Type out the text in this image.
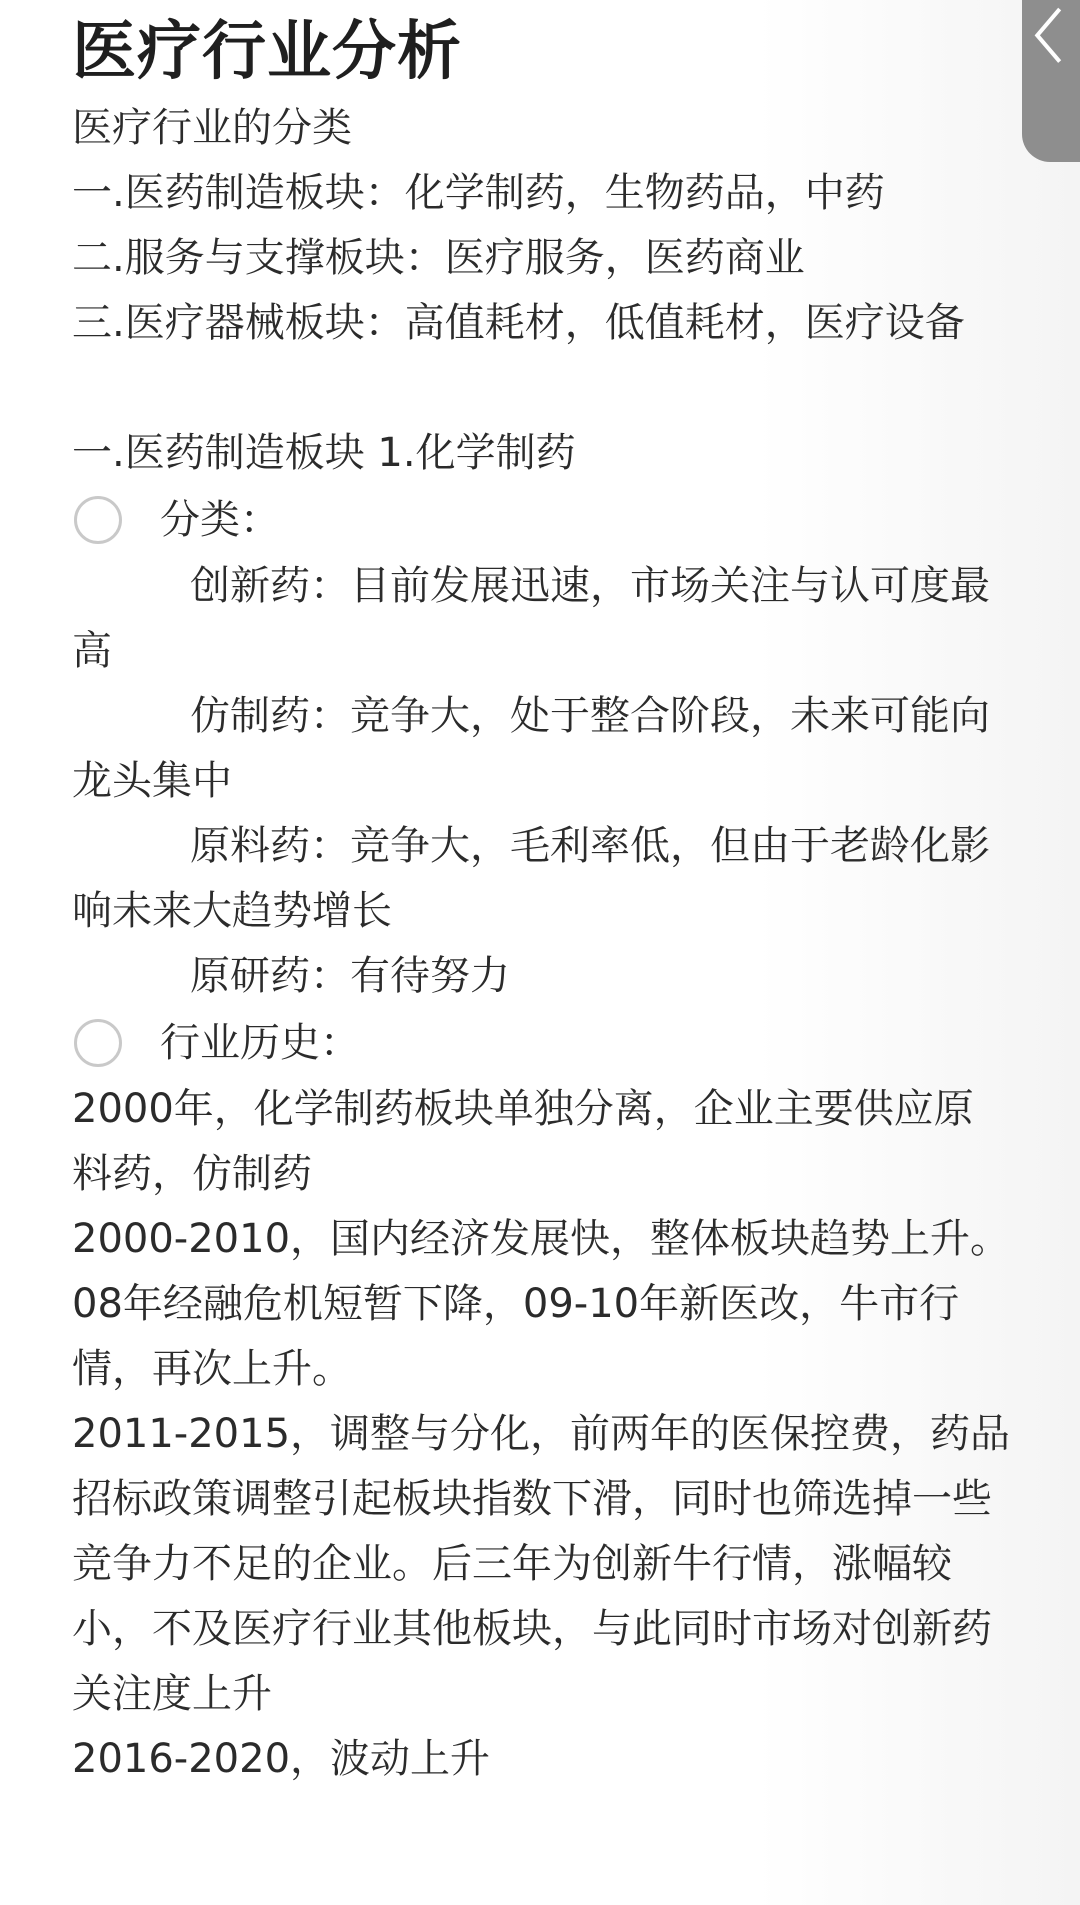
医疗行业分析

医疗行业的分类

一.医药制造板块：化学制药，生物药品，中药

二.服务与支撑板块：医疗服务，医药商业

三.医疗器械板块：高值耗材，低值耗材，医疗设备

一.医药制造板块 1.化学制药

分类：

创新药：目前发展迅速，市场关注与认可度最高

仿制药：竞争大，处于整合阶段，未来可能向龙头集中

原料药：竞争大，毛利率低，但由于老龄化影响未来大趋势增长

原研药：有待努力

行业历史：

2000年，化学制药板块单独分离，企业主要供应原料药，仿制药

2000-2010，国内经济发展快，整体板块趋势上升。08年经融危机短暂下降，09-10年新医改，牛市行情，再次上升。

2011-2015，调整与分化，前两年的医保控费，药品招标政策调整引起板块指数下滑，同时也筛选掉一些竞争力不足的企业。后三年为创新牛行情，涨幅较小，不及医疗行业其他板块，与此同时市场对创新药关注度上升

2016-2020，波动上升

〈
